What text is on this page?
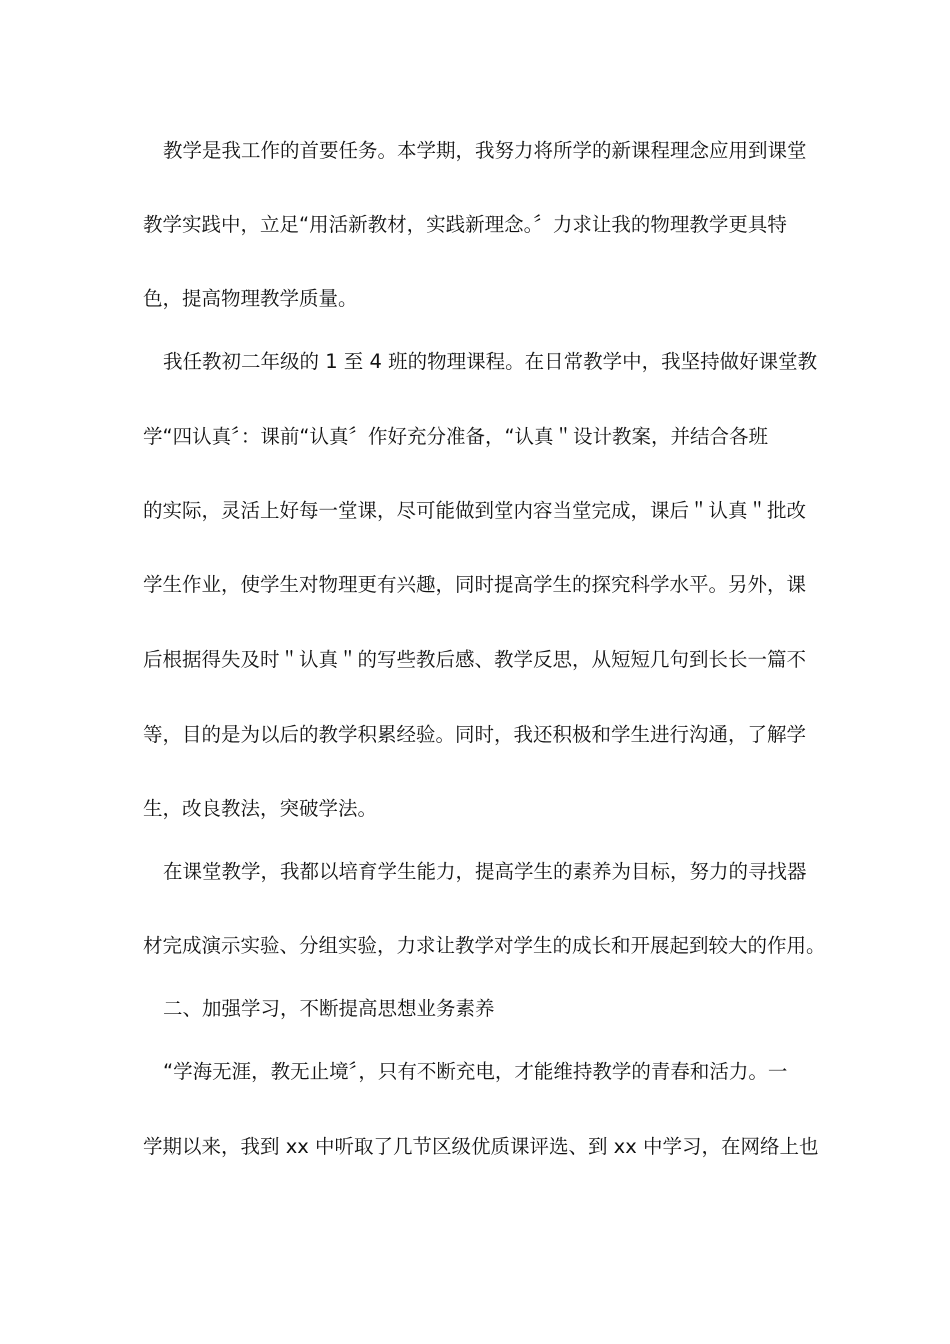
教学是我工作的首要任务。本学期，我努力将所学的新课程理念应用到课堂
教学实践中，立足“用活新教材，实践新理念。〞力求让我的物理教学更具特
色，提高物理教学质量。
我任教初二年级的 1 至 4 班的物理课程。在日常教学中，我坚持做好课堂教
学“四认真〞：课前“认真〞作好充分准备，“认真＂设计教案，并结合各班
的实际，灵活上好每一堂课，尽可能做到堂内容当堂完成，课后＂认真＂批改
学生作业，使学生对物理更有兴趣，同时提高学生的探究科学水平。另外，课
后根据得失及时＂认真＂的写些教后感、教学反思，从短短几句到长长一篇不
等，目的是为以后的教学积累经验。同时，我还积极和学生进行沟通，了解学
生，改良教法，突破学法。
在课堂教学，我都以培育学生能力，提高学生的素养为目标，努力的寻找器
材完成演示实验、分组实验，力求让教学对学生的成长和开展起到较大的作用。
二、加强学习，不断提高思想业务素养
“学海无涯，教无止境〞，只有不断充电，才能维持教学的青春和活力。一
学期以来，我到 xx 中听取了几节区级优质课评选、到 xx 中学习，在网络上也
